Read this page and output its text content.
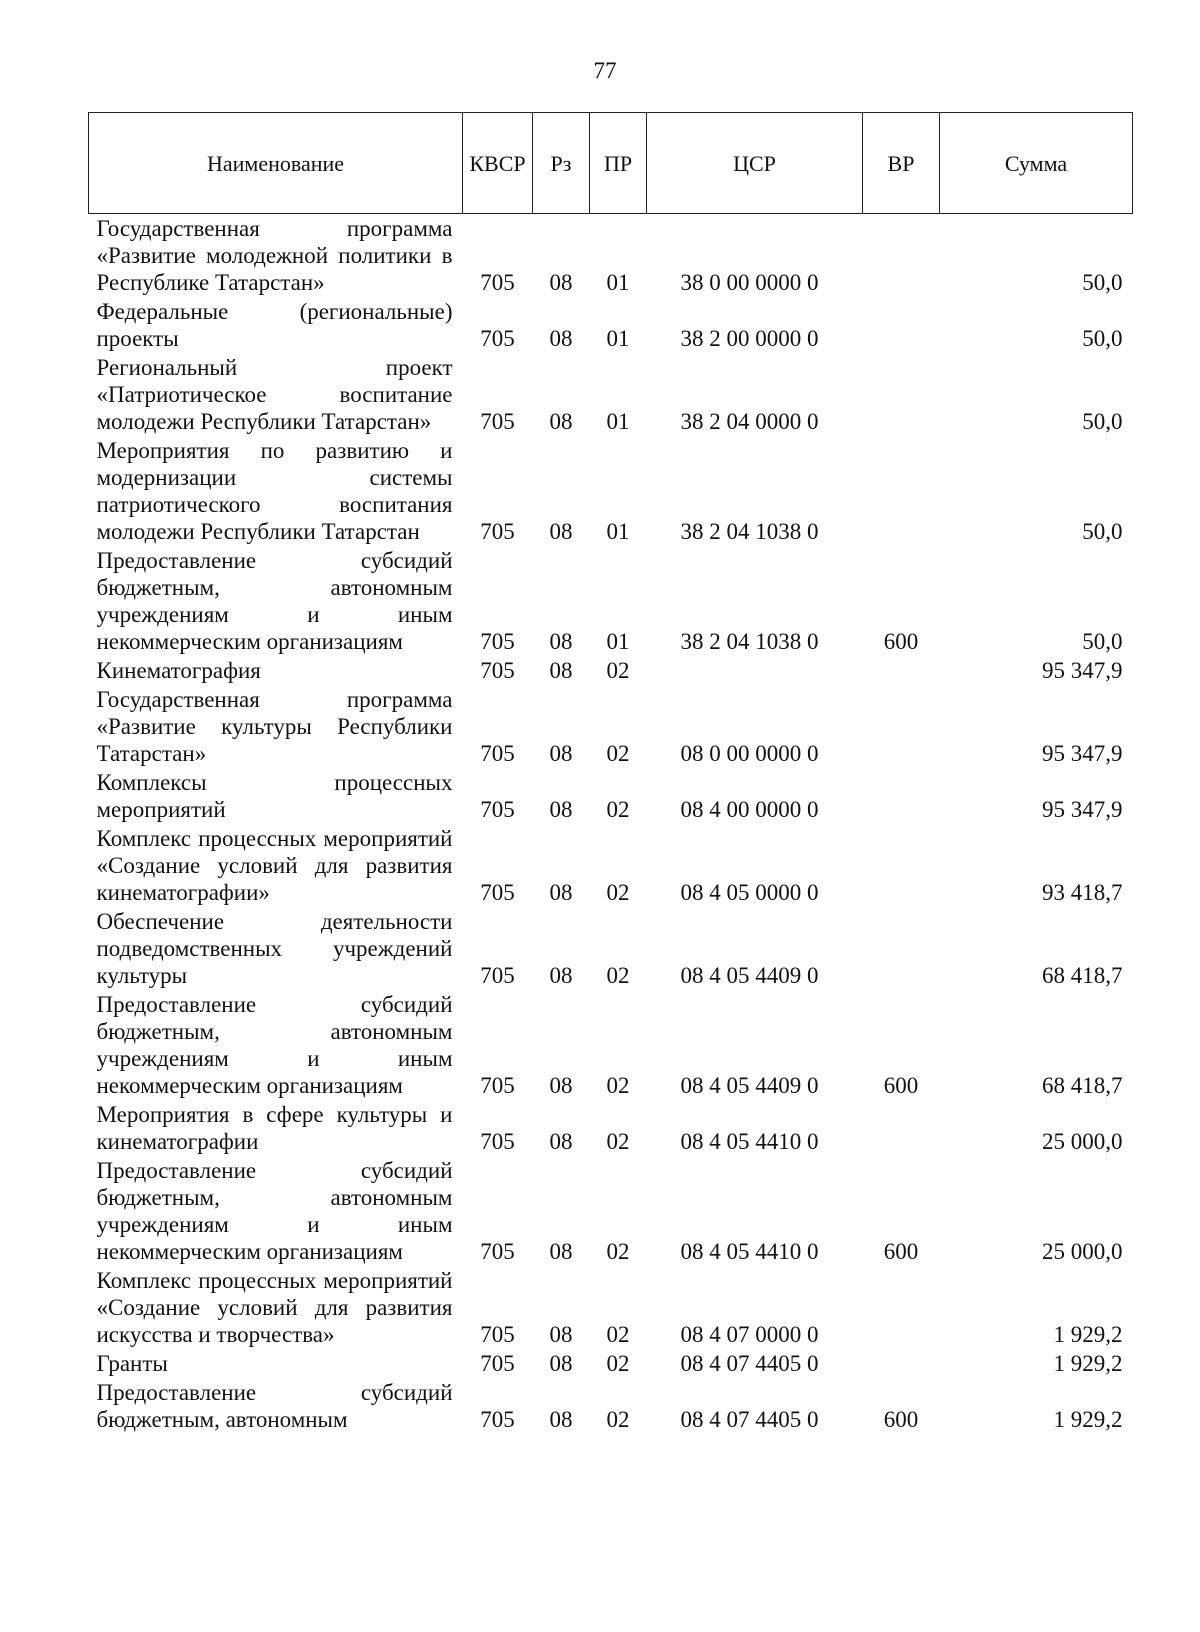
77
Наименование	КВСР	Рз	ПР	ЦСР	ВР	Сумма
Государственная программа «Развитие молодежной политики в Республике Татарстан»	705	08	01	38 0 00 0000 0		50,0
Федеральные (региональные) проекты	705	08	01	38 2 00 0000 0		50,0
Региональный проект «Патриотическое воспитание молодежи Республики Татарстан»	705	08	01	38 2 04 0000 0		50,0
Мероприятия по развитию и модернизации системы патриотического воспитания молодежи Республики Татарстан	705	08	01	38 2 04 1038 0		50,0
Предоставление субсидий бюджетным, автономным учреждениям и иным некоммерческим организациям	705	08	01	38 2 04 1038 0	600	50,0
Кинематография	705	08	02			95 347,9
Государственная программа «Развитие культуры Республики Татарстан»	705	08	02	08 0 00 0000 0		95 347,9
Комплексы процессных мероприятий	705	08	02	08 4 00 0000 0		95 347,9
Комплекс процессных мероприятий «Создание условий для развития кинематографии»	705	08	02	08 4 05 0000 0		93 418,7
Обеспечение деятельности подведомственных учреждений культуры	705	08	02	08 4 05 4409 0		68 418,7
Предоставление субсидий бюджетным, автономным учреждениям и иным некоммерческим организациям	705	08	02	08 4 05 4409 0	600	68 418,7
Мероприятия в сфере культуры и кинематографии	705	08	02	08 4 05 4410 0		25 000,0
Предоставление субсидий бюджетным, автономным учреждениям и иным некоммерческим организациям	705	08	02	08 4 05 4410 0	600	25 000,0
Комплекс процессных мероприятий «Создание условий для развития искусства и творчества»	705	08	02	08 4 07 0000 0		1 929,2
Гранты	705	08	02	08 4 07 4405 0		1 929,2
Предоставление субсидий бюджетным, автономным	705	08	02	08 4 07 4405 0	600	1 929,2
